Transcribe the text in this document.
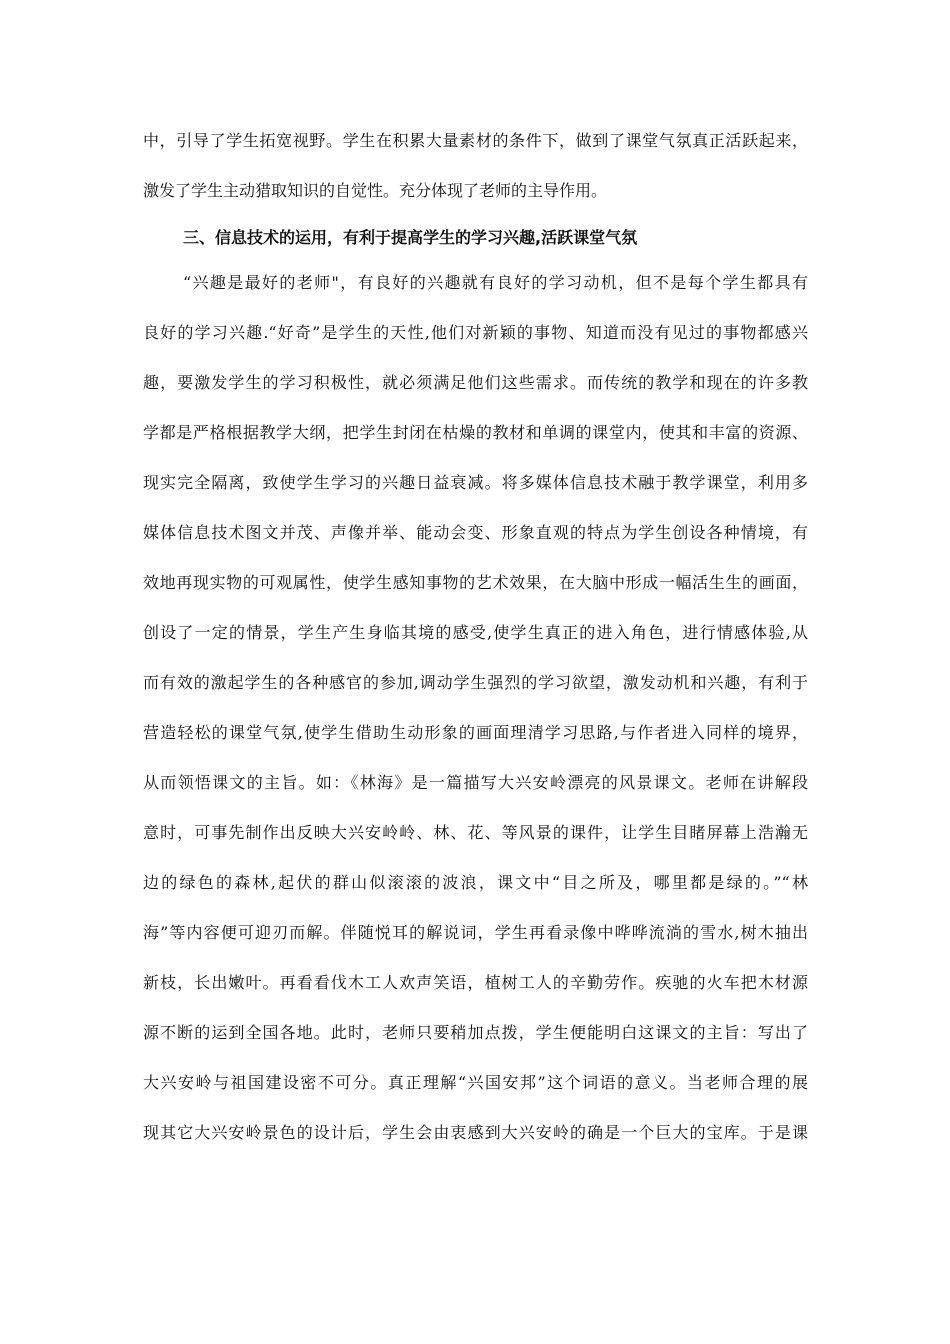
中，引导了学生拓宽视野。学生在积累大量素材的条件下，做到了课堂气氛真正活跃起来，
激发了学生主动猎取知识的自觉性。充分体现了老师的主导作用。
三、信息技术的运用，有利于提高学生的学习兴趣,活跃课堂气氛
“兴趣是最好的老师"，有良好的兴趣就有良好的学习动机，但不是每个学生都具有
良好的学习兴趣.“好奇”是学生的天性,他们对新颖的事物、知道而没有见过的事物都感兴
趣，要激发学生的学习积极性，就必须满足他们这些需求。而传统的教学和现在的许多教
学都是严格根据教学大纲，把学生封闭在枯燥的教材和单调的课堂内，使其和丰富的资源、
现实完全隔离，致使学生学习的兴趣日益衰减。将多媒体信息技术融于教学课堂，利用多
媒体信息技术图文并茂、声像并举、能动会变、形象直观的特点为学生创设各种情境，有
效地再现实物的可观属性，使学生感知事物的艺术效果，在大脑中形成一幅活生生的画面，
创设了一定的情景，学生产生身临其境的感受,使学生真正的进入角色，进行情感体验,从
而有效的激起学生的各种感官的参加,调动学生强烈的学习欲望，激发动机和兴趣，有利于
营造轻松的课堂气氛,使学生借助生动形象的画面理清学习思路,与作者进入同样的境界，
从而领悟课文的主旨。如：《林海》是一篇描写大兴安岭漂亮的风景课文。老师在讲解段
意时，可事先制作出反映大兴安岭岭、林、花、等风景的课件，让学生目睹屏幕上浩瀚无
边的绿色的森林,起伏的群山似滚滚的波浪，课文中“目之所及，哪里都是绿的。”“林
海”等内容便可迎刃而解。伴随悦耳的解说词，学生再看录像中哗哗流淌的雪水,树木抽出
新枝，长出嫩叶。再看看伐木工人欢声笑语，植树工人的辛勤劳作。疾驰的火车把木材源
源不断的运到全国各地。此时，老师只要稍加点拨，学生便能明白这课文的主旨：写出了
大兴安岭与祖国建设密不可分。真正理解“兴国安邦”这个词语的意义。当老师合理的展
现其它大兴安岭景色的设计后，学生会由衷感到大兴安岭的确是一个巨大的宝库。于是课
